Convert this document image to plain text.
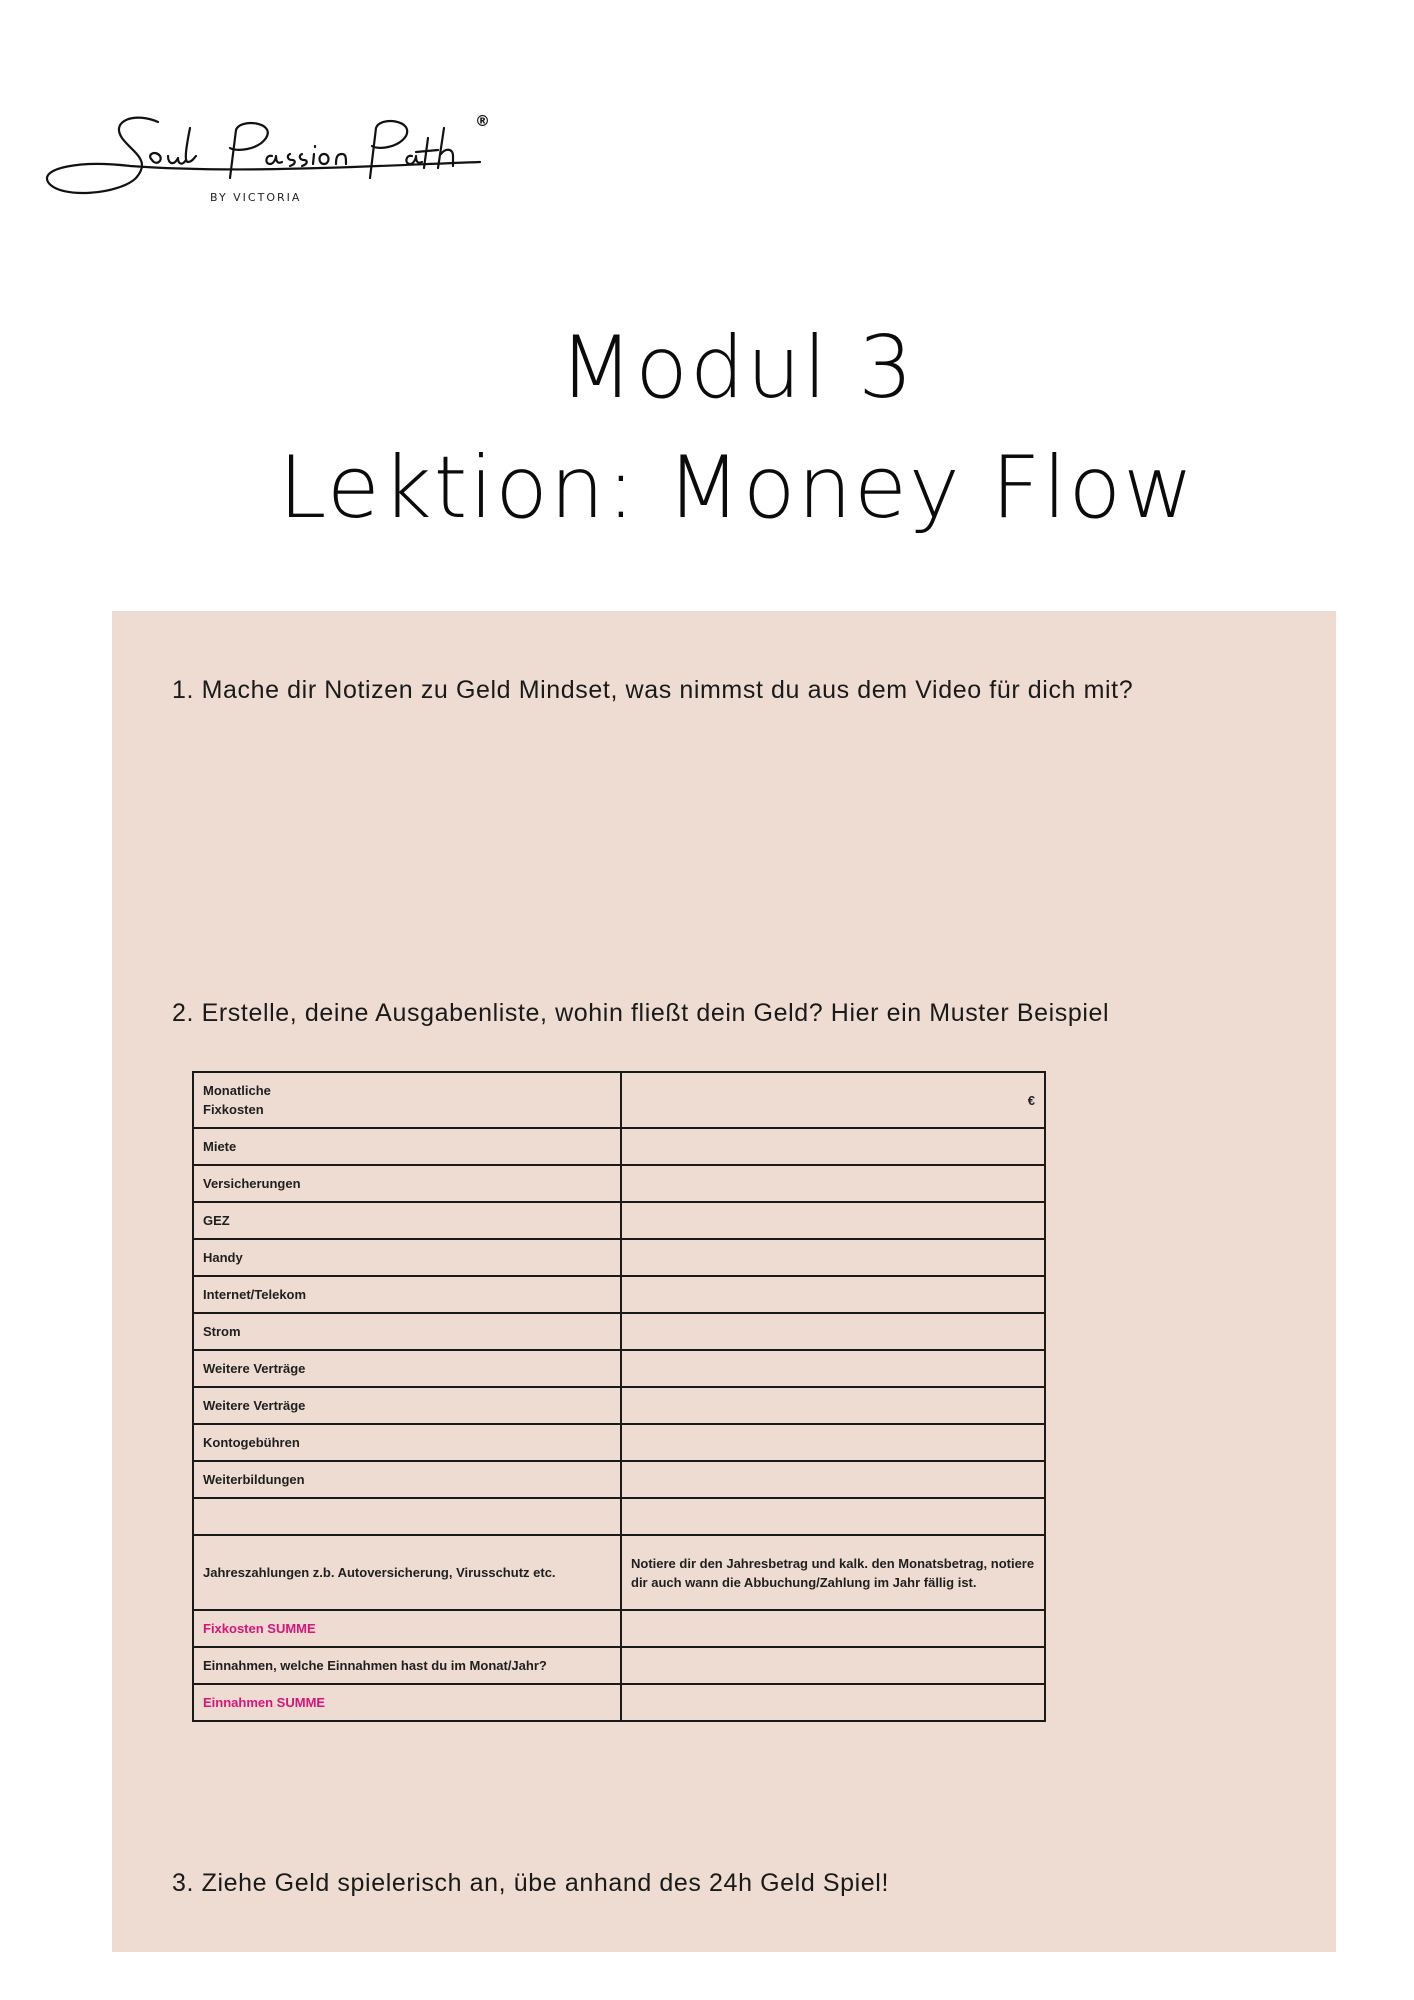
®
BY VICTORIA
Modul 3
Lektion: Money Flow
1. Mache dir Notizen zu Geld Mindset, was nimmst du aus dem Video für dich mit?
2. Erstelle, deine Ausgabenliste, wohin fließt dein Geld? Hier ein Muster Beispiel
Monatliche
Fixkosten	€
Miete	
Versicherungen	
GEZ	
Handy	
Internet/Telekom	
Strom	
Weitere Verträge	
Weitere Verträge	
Kontogebühren	
Weiterbildungen	

Jahreszahlungen z.b. Autoversicherung, Virusschutz etc.	Notiere dir den Jahresbetrag und kalk. den Monatsbetrag, notiere dir auch wann die Abbuchung/Zahlung im Jahr fällig ist.
Fixkosten SUMME	
Einnahmen, welche Einnahmen hast du im Monat/Jahr?	
Einnahmen SUMME	
3. Ziehe Geld spielerisch an, übe anhand des 24h Geld Spiel!
